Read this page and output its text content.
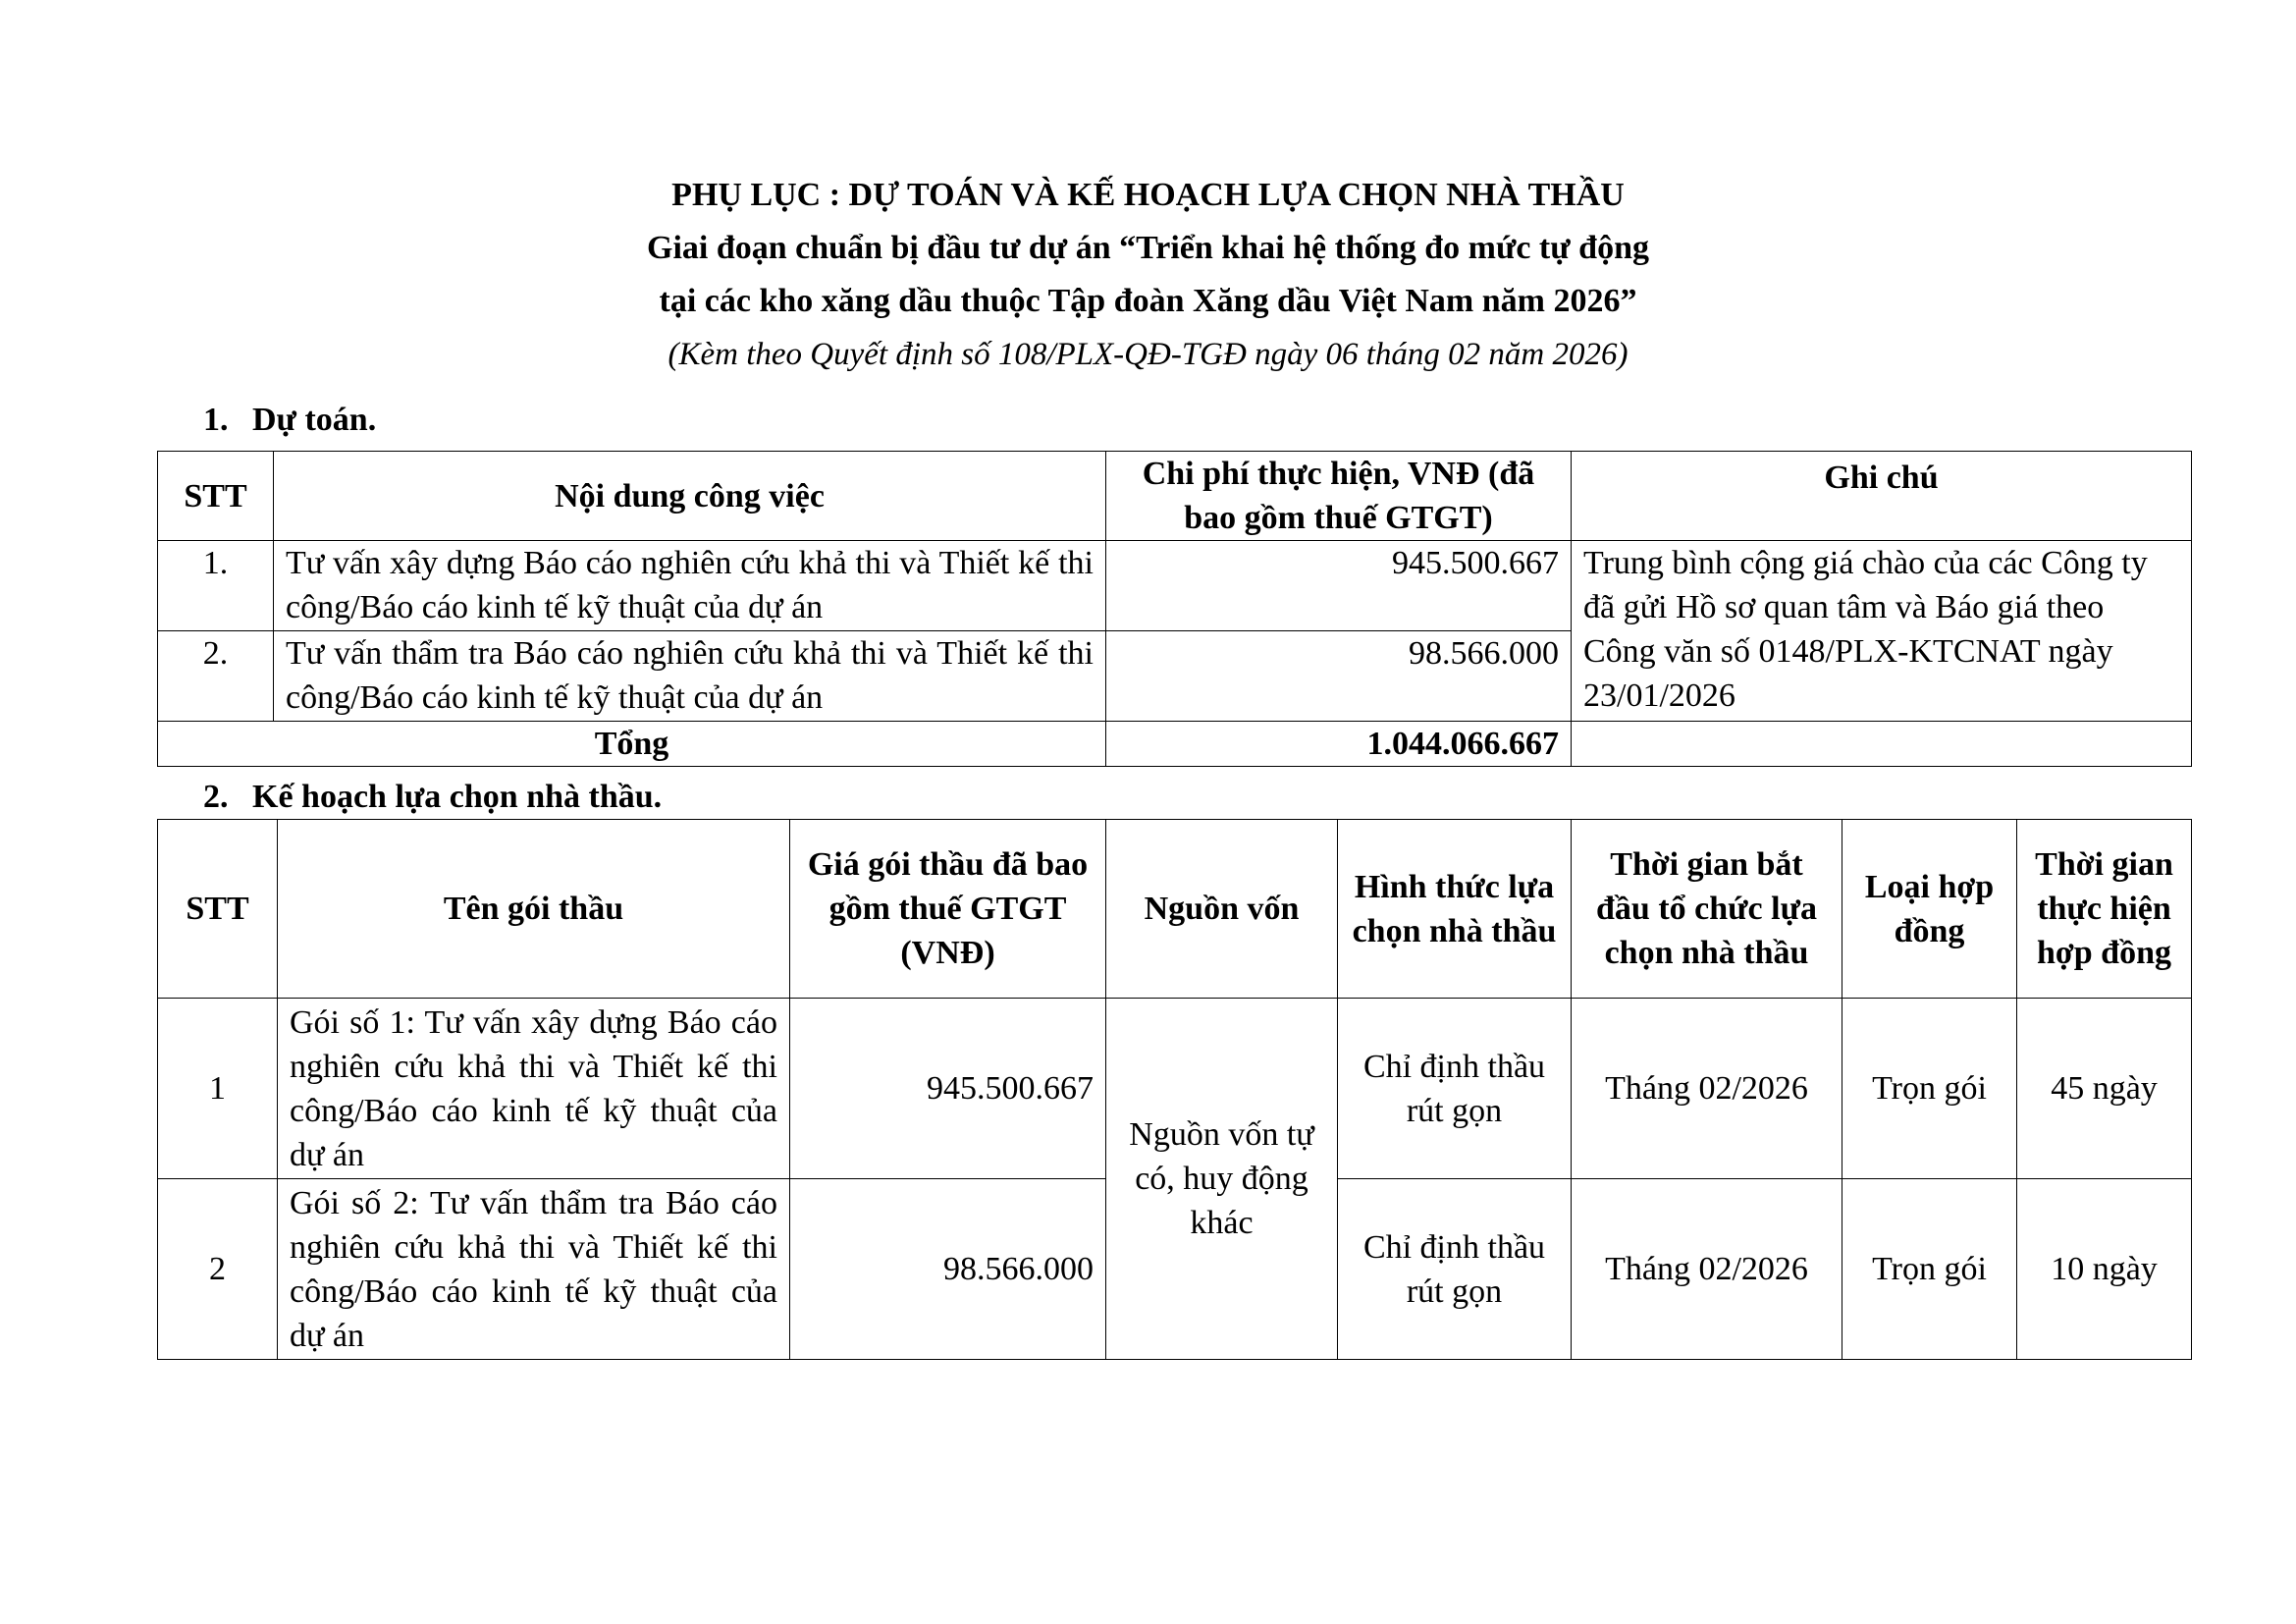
PHỤ LỤC : DỰ TOÁN VÀ KẾ HOẠCH LỰA CHỌN NHÀ THẦU
Giai đoạn chuẩn bị đầu tư dự án “Triển khai hệ thống đo mức tự động
tại các kho xăng dầu thuộc Tập đoàn Xăng dầu Việt Nam năm 2026”
(Kèm theo Quyết định số 108/PLX-QĐ-TGĐ ngày 06 tháng 02 năm 2026)
1. Dự toán.
STT	Nội dung công việc	Chi phí thực hiện, VNĐ (đã bao gồm thuế GTGT)	Ghi chú
1.	Tư vấn xây dựng Báo cáo nghiên cứu khả thi và Thiết kế thi công/Báo cáo kinh tế kỹ thuật của dự án	945.500.667	Trung bình cộng giá chào của các Công ty đã gửi Hồ sơ quan tâm và Báo giá theo Công văn số 0148/PLX-KTCNAT ngày 23/01/2026
2.	Tư vấn thẩm tra Báo cáo nghiên cứu khả thi và Thiết kế thi công/Báo cáo kinh tế kỹ thuật của dự án	98.566.000	
Tổng		1.044.066.667	
2. Kế hoạch lựa chọn nhà thầu.
STT	Tên gói thầu	Giá gói thầu đã bao gồm thuế GTGT (VNĐ)	Nguồn vốn	Hình thức lựa chọn nhà thầu	Thời gian bắt đầu tổ chức lựa chọn nhà thầu	Loại hợp đồng	Thời gian thực hiện hợp đồng
1	Gói số 1: Tư vấn xây dựng Báo cáo nghiên cứu khả thi và Thiết kế thi công/Báo cáo kinh tế kỹ thuật của dự án	945.500.667	Nguồn vốn tự có, huy động khác	Chỉ định thầu rút gọn	Tháng 02/2026	Trọn gói	45 ngày
2	Gói số 2: Tư vấn thẩm tra Báo cáo nghiên cứu khả thi và Thiết kế thi công/Báo cáo kinh tế kỹ thuật của dự án	98.566.000		Chỉ định thầu rút gọn	Tháng 02/2026	Trọn gói	10 ngày
